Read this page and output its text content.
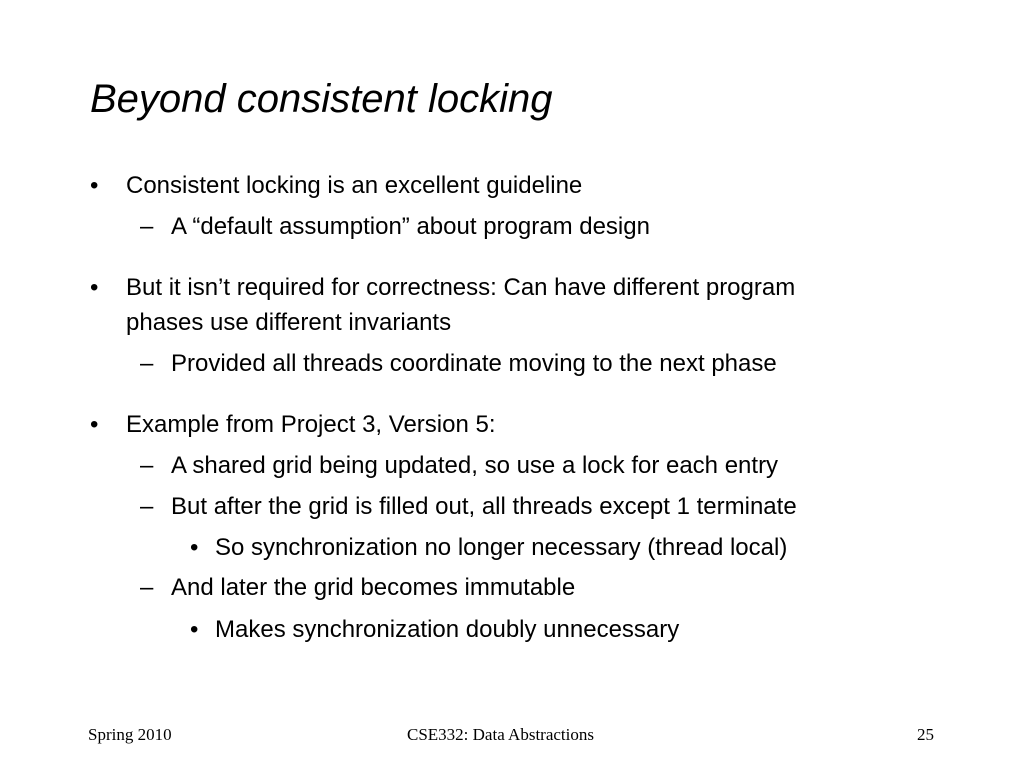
Beyond consistent locking
• Consistent locking is an excellent guideline
– A “default assumption” about program design
• But it isn’t required for correctness: Can have different program
phases use different invariants
– Provided all threads coordinate moving to the next phase
• Example from Project 3, Version 5:
– A shared grid being updated, so use a lock for each entry
– But after the grid is filled out, all threads except 1 terminate
• So synchronization no longer necessary (thread local)
– And later the grid becomes immutable
• Makes synchronization doubly unnecessary
Spring 2010	CSE332: Data Abstractions	25
